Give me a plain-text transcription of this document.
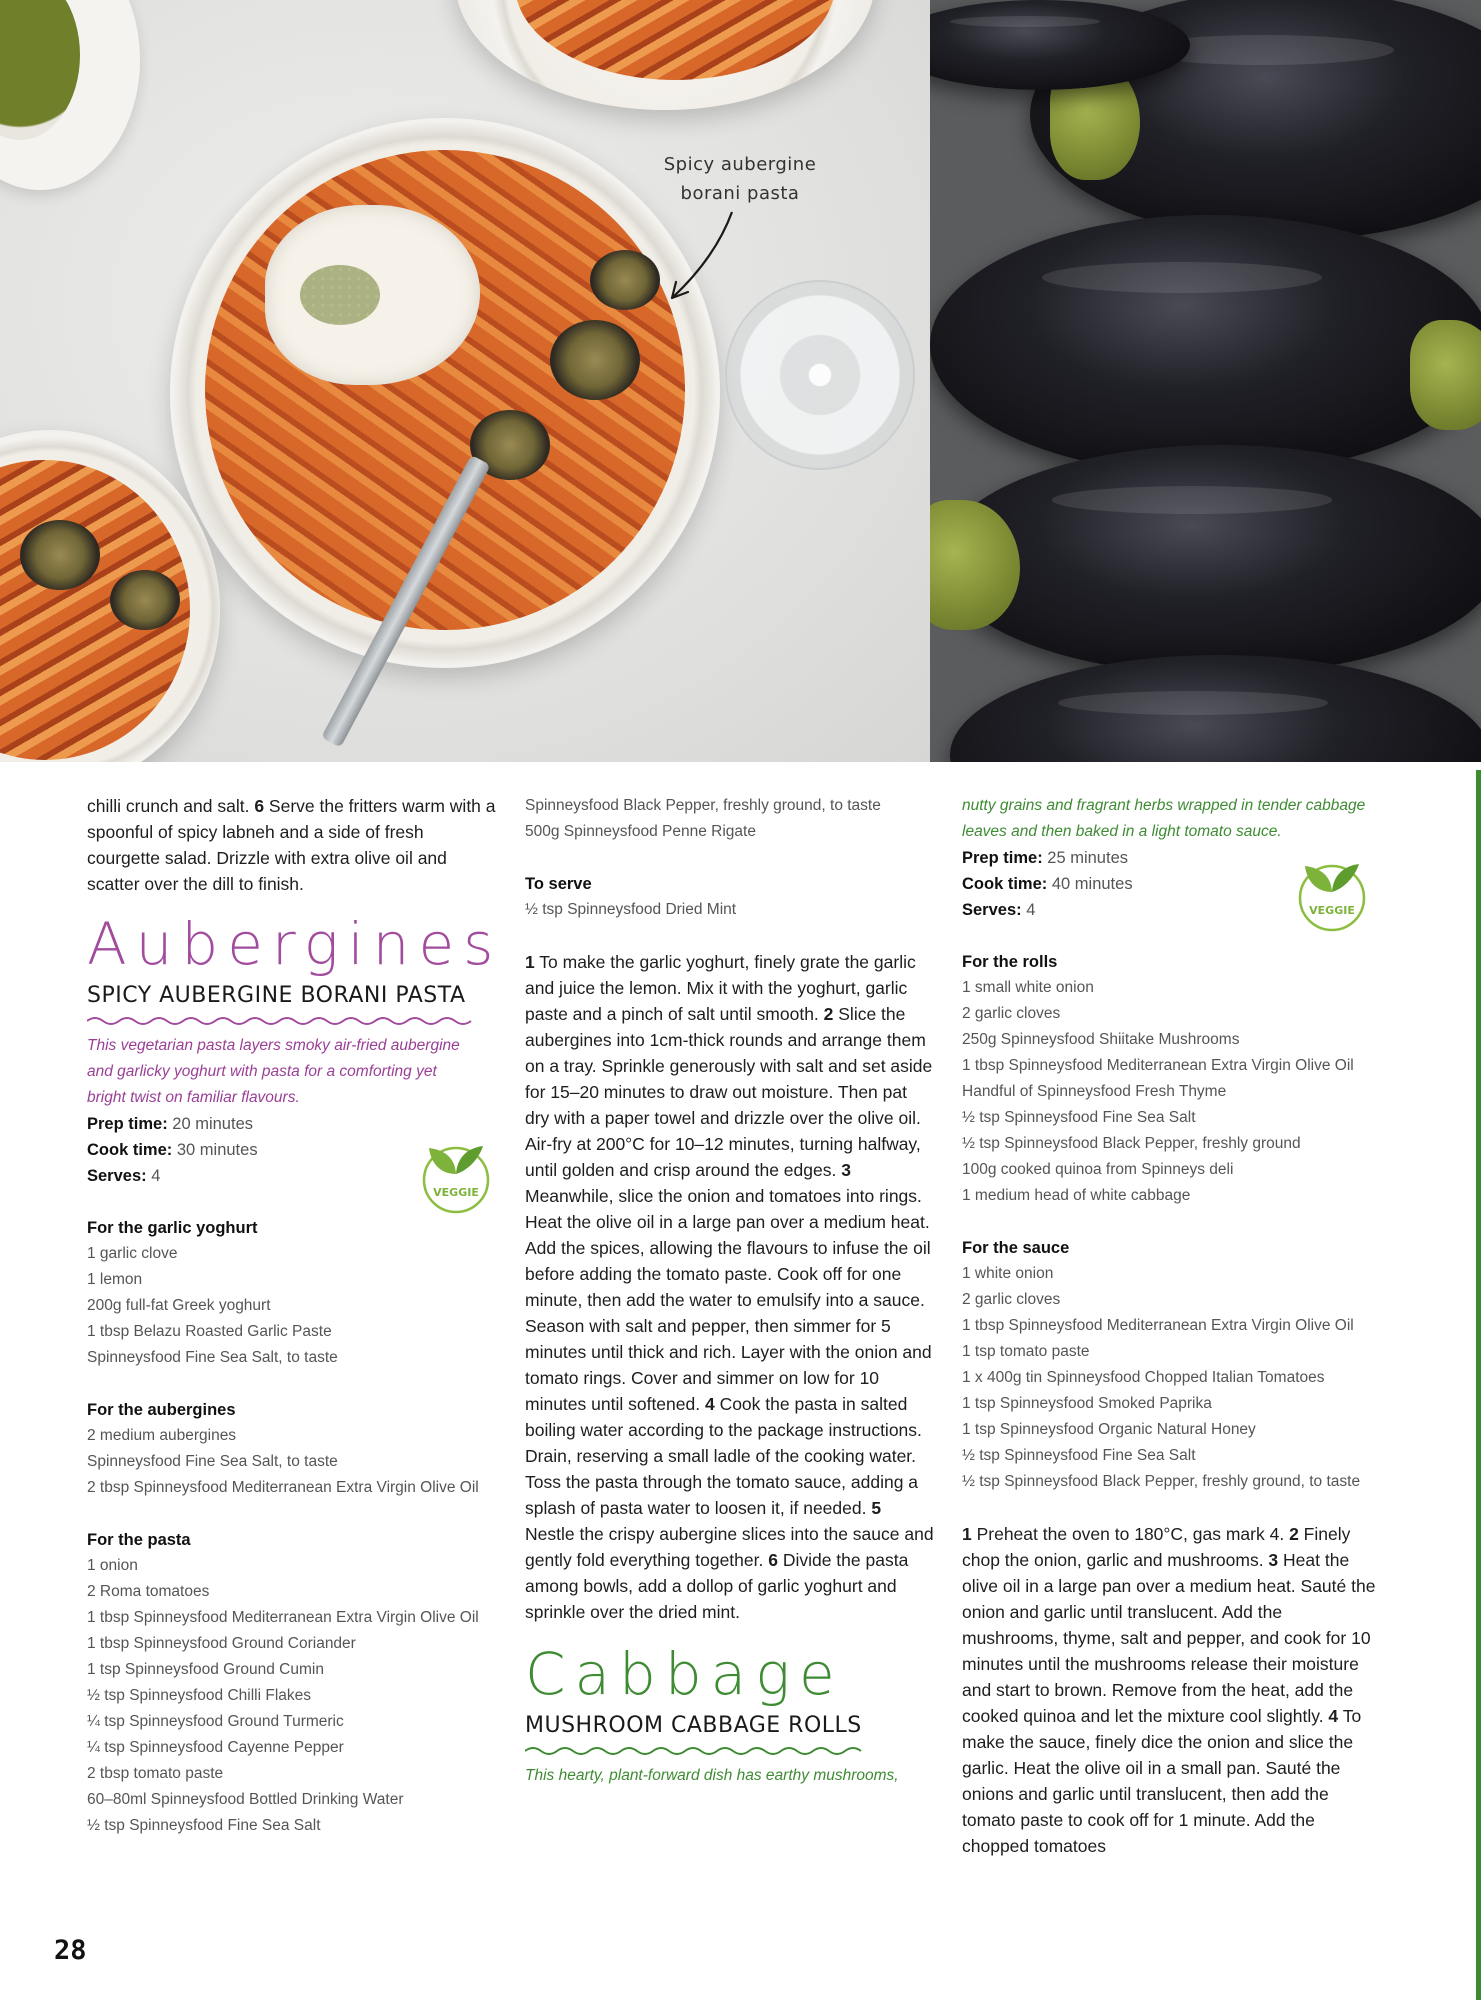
Spicy aubergine
borani pasta

chilli crunch and salt. 6 Serve the fritters warm with a spoonful of spicy labneh and a side of fresh courgette salad. Drizzle with extra olive oil and scatter over the dill to finish.

Aubergines
SPICY AUBERGINE BORANI PASTA

This vegetarian pasta layers smoky air-fried aubergine and garlicky yoghurt with pasta for a comforting yet bright twist on familiar flavours.

Prep time: 20 minutes
Cook time: 30 minutes
Serves: 4
For the garlic yoghurt
1 garlic clove
1 lemon
200g full-fat Greek yoghurt
1 tbsp Belazu Roasted Garlic Paste
Spinneysfood Fine Sea Salt, to taste
For the aubergines
2 medium aubergines
Spinneysfood Fine Sea Salt, to taste
2 tbsp Spinneysfood Mediterranean Extra Virgin Olive Oil
For the pasta
1 onion
2 Roma tomatoes
1 tbsp Spinneysfood Mediterranean Extra Virgin Olive Oil
1 tbsp Spinneysfood Ground Coriander
1 tsp Spinneysfood Ground Cumin
½ tsp Spinneysfood Chilli Flakes
¼ tsp Spinneysfood Ground Turmeric
¼ tsp Spinneysfood Cayenne Pepper
2 tbsp tomato paste
60–80ml Spinneysfood Bottled Drinking Water
½ tsp Spinneysfood Fine Sea Salt
VEGGIE
Spinneysfood Black Pepper, freshly ground, to taste
500g Spinneysfood Penne Rigate
To serve
½ tsp Spinneysfood Dried Mint

1 To make the garlic yoghurt, finely grate the garlic and juice the lemon. Mix it with the yoghurt, garlic paste and a pinch of salt until smooth. 2 Slice the aubergines into 1cm-thick rounds and arrange them on a tray. Sprinkle generously with salt and set aside for 15–20 minutes to draw out moisture. Then pat dry with a paper towel and drizzle over the olive oil. Air-fry at 200°C for 10–12 minutes, turning halfway, until golden and crisp around the edges. 3 Meanwhile, slice the onion and tomatoes into rings. Heat the olive oil in a large pan over a medium heat. Add the spices, allowing the flavours to infuse the oil before adding the tomato paste. Cook off for one minute, then add the water to emulsify into a sauce. Season with salt and pepper, then simmer for 5 minutes until thick and rich. Layer with the onion and tomato rings. Cover and simmer on low for 10 minutes until softened. 4 Cook the pasta in salted boiling water according to the package instructions. Drain, reserving a small ladle of the cooking water. Toss the pasta through the tomato sauce, adding a splash of pasta water to loosen it, if needed. 5 Nestle the crispy aubergine slices into the sauce and gently fold everything together. 6 Divide the pasta among bowls, add a dollop of garlic yoghurt and sprinkle over the dried mint.

Cabbage
MUSHROOM CABBAGE ROLLS

This hearty, plant-forward dish has earthy mushrooms,

nutty grains and fragrant herbs wrapped in tender cabbage leaves and then baked in a light tomato sauce.

Prep time: 25 minutes
Cook time: 40 minutes
Serves: 4
For the rolls
1 small white onion
2 garlic cloves
250g Spinneysfood Shiitake Mushrooms
1 tbsp Spinneysfood Mediterranean Extra Virgin Olive Oil
Handful of Spinneysfood Fresh Thyme
½ tsp Spinneysfood Fine Sea Salt
½ tsp Spinneysfood Black Pepper, freshly ground
100g cooked quinoa from Spinneys deli
1 medium head of white cabbage
For the sauce
1 white onion
2 garlic cloves
1 tbsp Spinneysfood Mediterranean Extra Virgin Olive Oil
1 tsp tomato paste
1 x 400g tin Spinneysfood Chopped Italian Tomatoes
1 tsp Spinneysfood Smoked Paprika
1 tsp Spinneysfood Organic Natural Honey
½ tsp Spinneysfood Fine Sea Salt
½ tsp Spinneysfood Black Pepper, freshly ground, to taste

1 Preheat the oven to 180°C, gas mark 4. 2 Finely chop the onion, garlic and mushrooms. 3 Heat the olive oil in a large pan over a medium heat. Sauté the onion and garlic until translucent. Add the mushrooms, thyme, salt and pepper, and cook for 10 minutes until the mushrooms release their moisture and start to brown. Remove from the heat, add the cooked quinoa and let the mixture cool slightly. 4 To make the sauce, finely dice the onion and slice the garlic. Heat the olive oil in a small pan. Sauté the onions and garlic until translucent, then add the tomato paste to cook off for 1 minute. Add the chopped tomatoes

VEGGIE
28
